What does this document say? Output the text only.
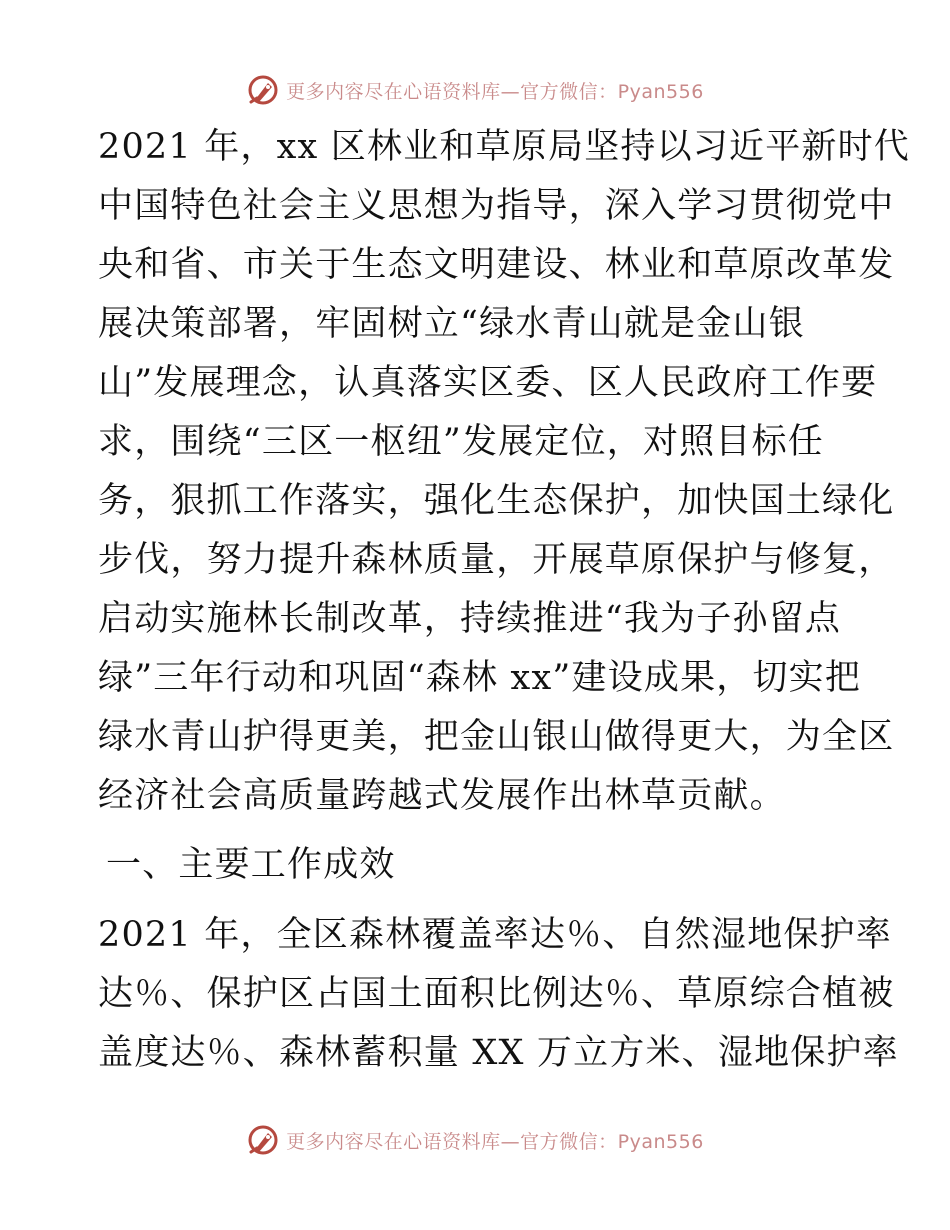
更多内容尽在心语资料库—官方微信：Pyan556
2021 年，xx 区林业和草原局坚持以习近平新时代
中国特色社会主义思想为指导，深入学习贯彻党中
央和省、市关于生态文明建设、林业和草原改革发
展决策部署，牢固树立“绿水青山就是金山银
山”发展理念，认真落实区委、区人民政府工作要
求，围绕“三区一枢纽”发展定位，对照目标任
务，狠抓工作落实，强化生态保护，加快国土绿化
步伐，努力提升森林质量，开展草原保护与修复，
启动实施林长制改革，持续推进“我为子孙留点
绿”三年行动和巩固“森林 xx”建设成果，切实把
绿水青山护得更美，把金山银山做得更大，为全区
经济社会高质量跨越式发展作出林草贡献。
一、主要工作成效
2021 年，全区森林覆盖率达％、自然湿地保护率
达％、保护区占国土面积比例达％、草原综合植被
盖度达％、森林蓄积量 XX 万立方米、湿地保护率
更多内容尽在心语资料库—官方微信：Pyan556
